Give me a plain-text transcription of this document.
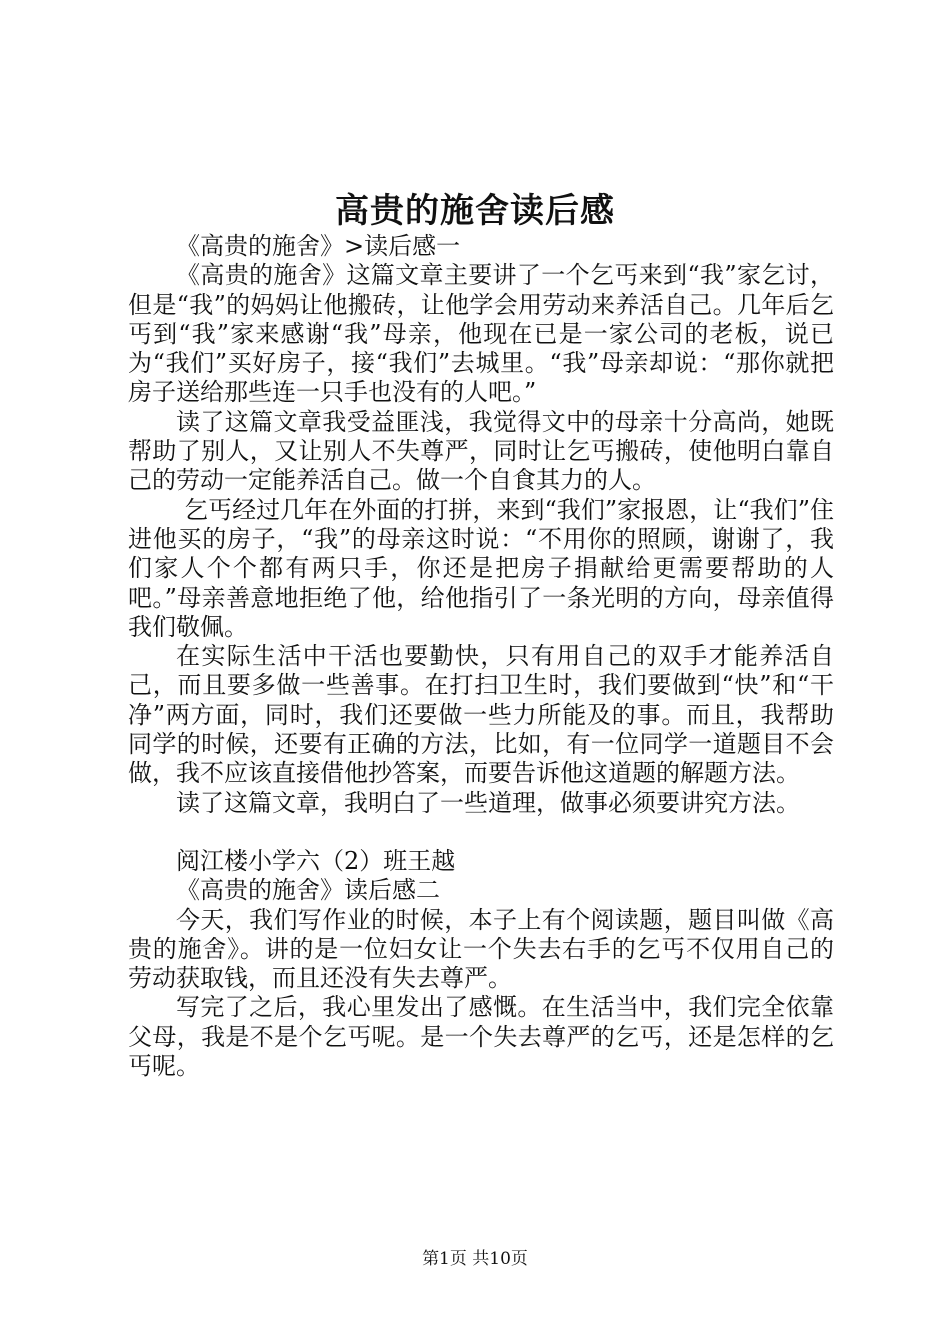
高贵的施舍读后感

《高贵的施舍》>读后感一

《高贵的施舍》这篇文章主要讲了一个乞丐来到“我”家乞讨，但是“我”的妈妈让他搬砖，让他学会用劳动来养活自己。几年后乞丐到“我”家来感谢“我”母亲，他现在已是一家公司的老板，说已为“我们”买好房子，接“我们”去城里。“我”母亲却说：“那你就把房子送给那些连一只手也没有的人吧。”

读了这篇文章我受益匪浅，我觉得文中的母亲十分高尚，她既帮助了别人，又让别人不失尊严，同时让乞丐搬砖，使他明白靠自己的劳动一定能养活自己。做一个自食其力的人。

乞丐经过几年在外面的打拼，来到“我们”家报恩，让“我们”住进他买的房子，“我”的母亲这时说：“不用你的照顾，谢谢了，我们家人个个都有两只手，你还是把房子捐献给更需要帮助的人吧。”母亲善意地拒绝了他，给他指引了一条光明的方向，母亲值得我们敬佩。

在实际生活中干活也要勤快，只有用自己的双手才能养活自己，而且要多做一些善事。在打扫卫生时，我们要做到“快”和“干净”两方面，同时，我们还要做一些力所能及的事。而且，我帮助同学的时候，还要有正确的方法，比如，有一位同学一道题目不会做，我不应该直接借他抄答案，而要告诉他这道题的解题方法。

读了这篇文章，我明白了一些道理，做事必须要讲究方法。

阅江楼小学六（2）班王越

《高贵的施舍》读后感二

今天，我们写作业的时候，本子上有个阅读题，题目叫做《高贵的施舍》。讲的是一位妇女让一个失去右手的乞丐不仅用自己的劳动获取钱，而且还没有失去尊严。

写完了之后，我心里发出了感慨。在生活当中，我们完全依靠父母，我是不是个乞丐呢。是一个失去尊严的乞丐，还是怎样的乞丐呢。

第1页 共10页
